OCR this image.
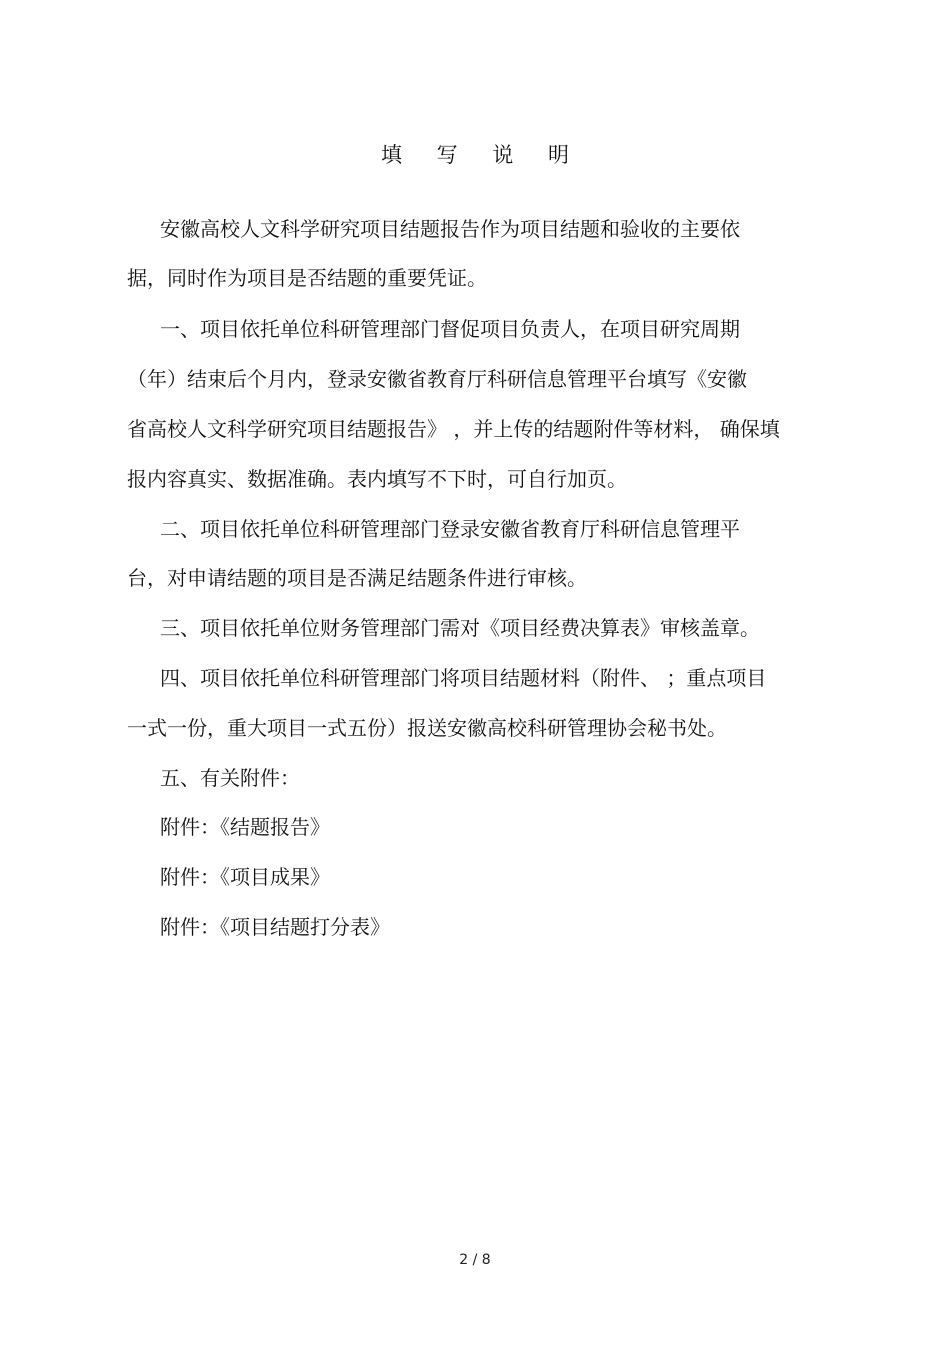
填 写 说 明
安徽高校人文科学研究项目结题报告作为项目结题和验收的主要依
据，同时作为项目是否结题的重要凭证。
一、项目依托单位科研管理部门督促项目负责人，在项目研究周期
（年）结束后个月内，登录安徽省教育厅科研信息管理平台填写《安徽
省高校人文科学研究项目结题报告》 ，并上传的结题附件等材料， 确保填
报内容真实、数据准确。表内填写不下时，可自行加页。
二、项目依托单位科研管理部门登录安徽省教育厅科研信息管理平
台，对申请结题的项目是否满足结题条件进行审核。
三、项目依托单位财务管理部门需对《项目经费决算表》审核盖章。
四、项目依托单位科研管理部门将项目结题材料（附件、 ；重点项目
一式一份，重大项目一式五份）报送安徽高校科研管理协会秘书处。
五、有关附件：
附件：《结题报告》
附件：《项目成果》
附件：《项目结题打分表》
2 / 8
